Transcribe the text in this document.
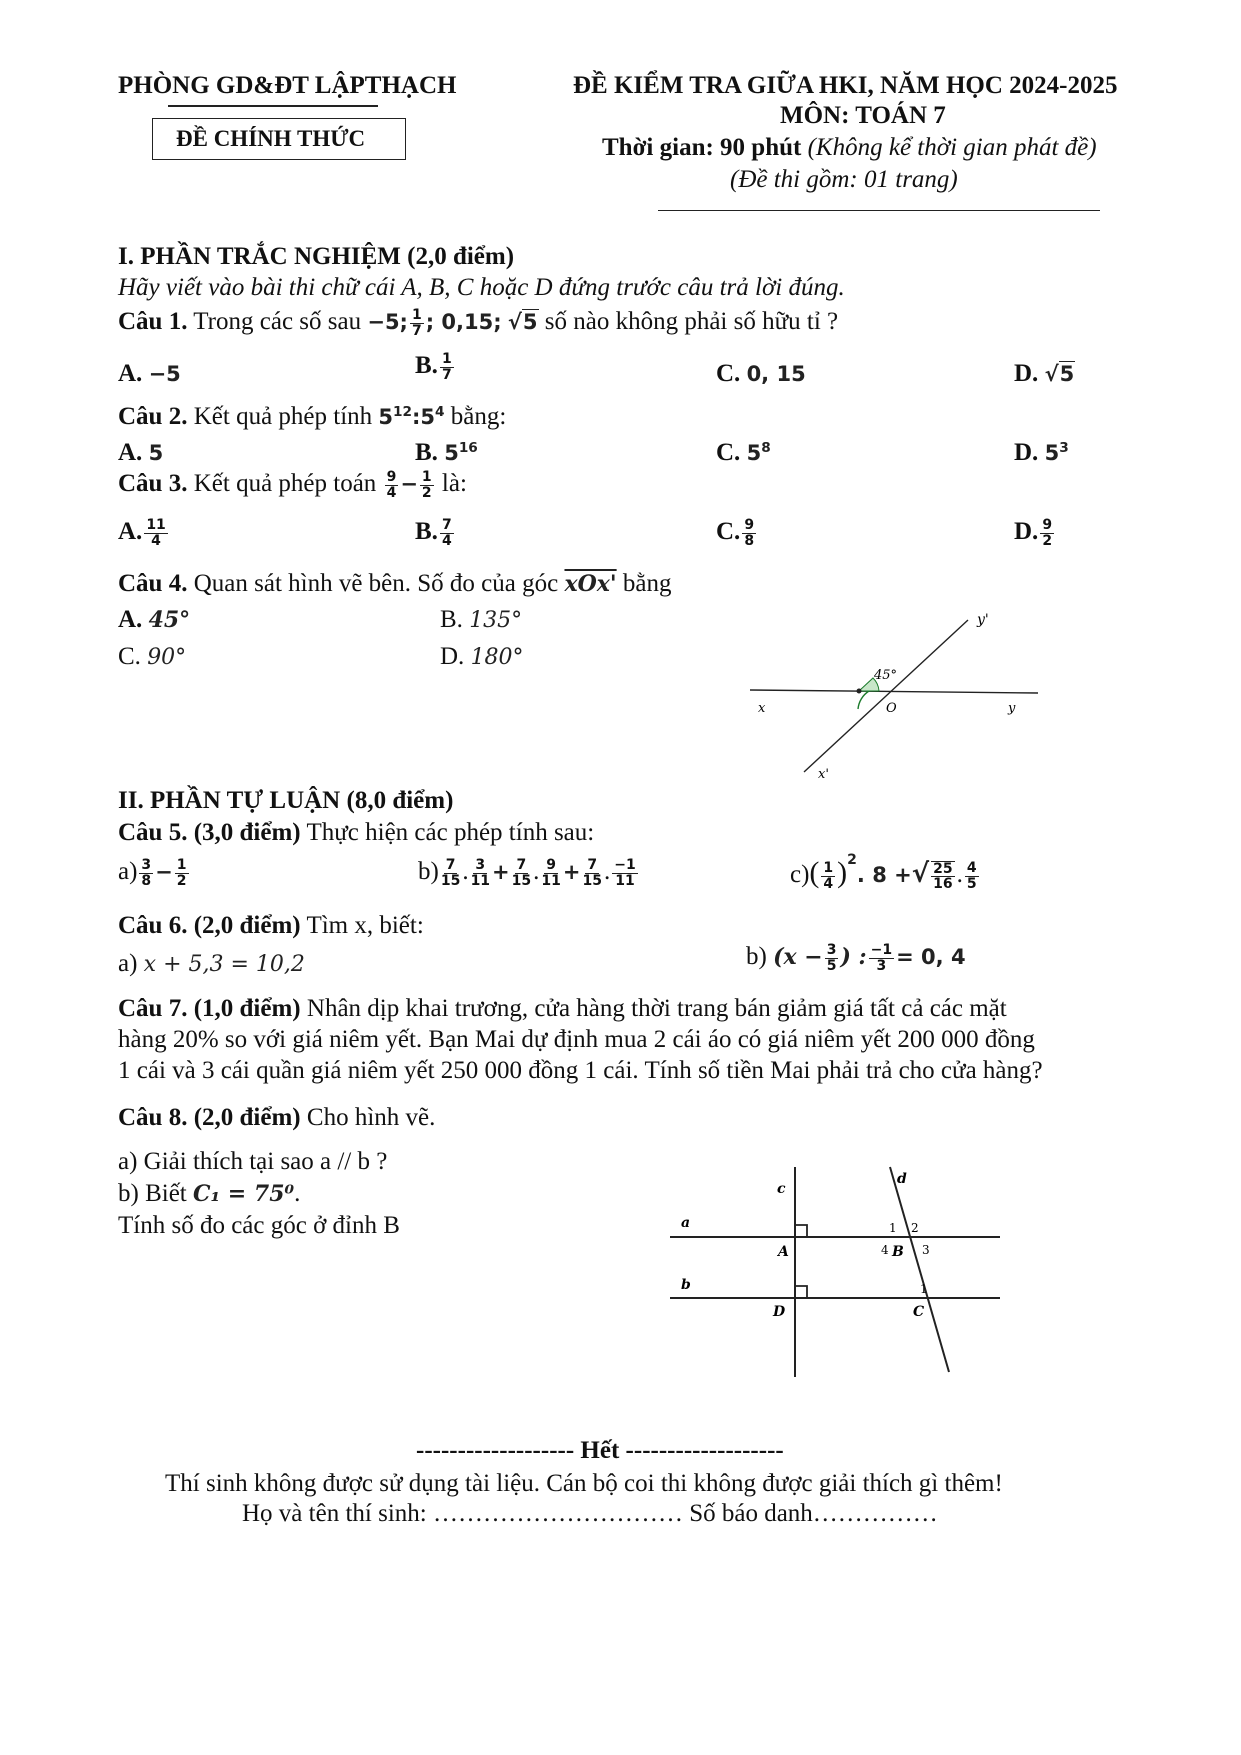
PHÒNG GD&ĐT LẬPTHẠCH
ĐỀ CHÍNH THỨC
ĐỀ KIỂM TRA GIỮA HKI, NĂM HỌC 2024-2025
MÔN: TOÁN 7
Thời gian: 90 phút (Không kể thời gian phát đề)
(Đề thi gồm: 01 trang)
I. PHẦN TRẮC NGHIỆM (2,0 điểm)
Hãy viết vào bài thi chữ cái A, B, C hoặc D đứng trước câu trả lời đúng.
Câu 1. Trong các số sau −5; $\frac{1}{7}$ ; 0,15; √5 số nào không phải số hữu tỉ ?
A. −5	B. $\frac{1}{7}$	C. 0, 15	D. √5
Câu 2. Kết quả phép tính $5^{12}:5^4$ bằng:
A. 5	B. $5^{16}$	C. $5^8$	D. $5^3$
Câu 3. Kết quả phép toán $\frac{9}{4} - \frac{1}{2}$ là:
A. $\frac{11}{4}$	B. $\frac{7}{4}$	C. $\frac{9}{8}$	D. $\frac{9}{2}$
Câu 4. Quan sát hình vẽ bên. Số đo của góc xOx' bằng
A. 45°	B. 135°
C. 90°	D. 180°
y'
45°
x	O	y
x'
II. PHẦN TỰ LUẬN (8,0 điểm)
Câu 5. (3,0 điểm) Thực hiện các phép tính sau:
$a) \frac{3}{8} - \frac{1}{2}$	$b) \frac{7}{15}$ . $\frac{3}{11} + \frac{7}{15}$ . $\frac{9}{11} + \frac{7}{15}$ . $\frac{-1}{11}$	$c)( \frac{1}{4} )^2$. 8 +√ $\frac{25}{16}$ . $\frac{4}{5}$
Câu 6. (2,0 điểm) Tìm x, biết:
a) x + 5,3 = 10,2	b) ($x - \frac{3}{5}$ ) : $\frac{-1}{3} = 0$, 4
Câu 7. (1,0 điểm) Nhân dịp khai trương, cửa hàng thời trang bán giảm giá tất cả các mặt
hàng 20% so với giá niêm yết. Bạn Mai dự định mua 2 cái áo có giá niêm yết 200 000 đồng
1 cái và 3 cái quần giá niêm yết 250 000 đồng 1 cái. Tính số tiền Mai phải trả cho cửa hàng?
Câu 8. (2,0 điểm) Cho hình vẽ.
a) Giải thích tại sao a // b ?
b) Biết C₁ = 75⁰.
Tính số đo các góc ở đỉnh B
c
d
a
b
A	B
D	C
1 2
3
4
1
------------------- Hết -------------------
Thí sinh không được sử dụng tài liệu. Cán bộ coi thi không được giải thích gì thêm!
Họ và tên thí sinh: ………………………… Số báo danh……………
